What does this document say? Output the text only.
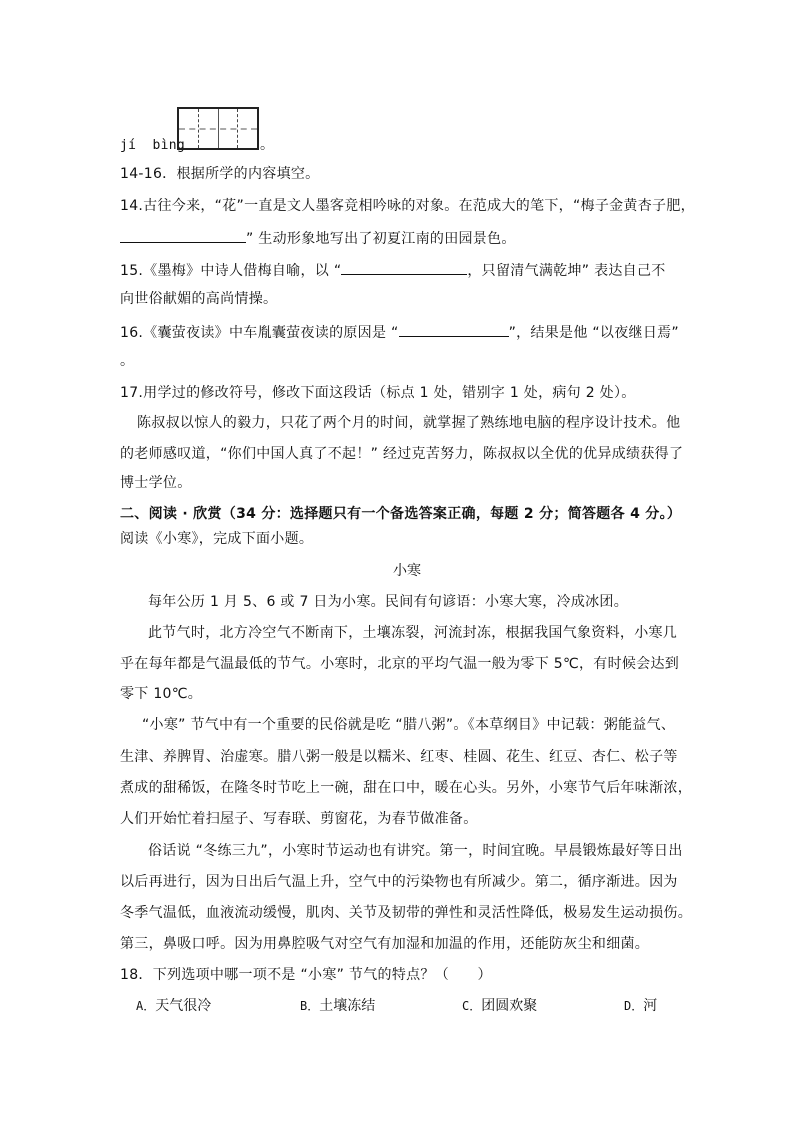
jí  bìng	。
14-16．根据所学的内容填空。
14.古往今来，“花”一直是文人墨客竞相吟咏的对象。在范成大的笔下，“梅子金黄杏子肥，
” 生动形象地写出了初夏江南的田园景色。
15.《墨梅》中诗人借梅自喻，以 “	，只留清气满乾坤” 表达自己不
向世俗献媚的高尚情操。
16.《囊萤夜读》中车胤囊萤夜读的原因是 “	”，结果是他 “以夜继日焉”
。
17.用学过的修改符号，修改下面这段话（标点 1 处，错别字 1 处，病句 2 处）。
陈叔叔以惊人的毅力，只花了两个月的时间，就掌握了熟练地电脑的程序设计技术。他
的老师感叹道，“你们中国人真了不起！” 经过克苦努力，陈叔叔以全优的优异成绩获得了
博士学位。
二、阅读 · 欣赏（34 分：选择题只有一个备选答案正确，每题 2 分；简答题各 4 分。）
阅读《小寒》，完成下面小题。
小寒
每年公历 1 月 5、6 或 7 日为小寒。民间有句谚语：小寒大寒，冷成冰团。
此节气时，北方冷空气不断南下，土壤冻裂，河流封冻，根据我国气象资料，小寒几
乎在每年都是气温最低的节气。小寒时，北京的平均气温一般为零下 5℃，有时候会达到
零下 10℃。
“小寒” 节气中有一个重要的民俗就是吃 “腊八粥”。《本草纲目》中记载：粥能益气、
生津、养脾胃、治虚寒。腊八粥一般是以糯米、红枣、桂圆、花生、红豆、杏仁、松子等
煮成的甜稀饭，在隆冬时节吃上一碗，甜在口中，暖在心头。另外，小寒节气后年味渐浓，
人们开始忙着扫屋子、写春联、剪窗花，为春节做准备。
俗话说 “冬练三九”，小寒时节运动也有讲究。第一，时间宜晚。早晨锻炼最好等日出
以后再进行，因为日出后气温上升，空气中的污染物也有所减少。第二，循序渐进。因为
冬季气温低，血液流动缓慢，肌肉、关节及韧带的弹性和灵活性降低，极易发生运动损伤。
第三，鼻吸口呼。因为用鼻腔吸气对空气有加湿和加温的作用，还能防灰尘和细菌。
18．下列选项中哪一项不是 “小寒” 节气的特点？（      ）
A．天气很冷	B．土壤冻结	C．团圆欢聚	D．河
